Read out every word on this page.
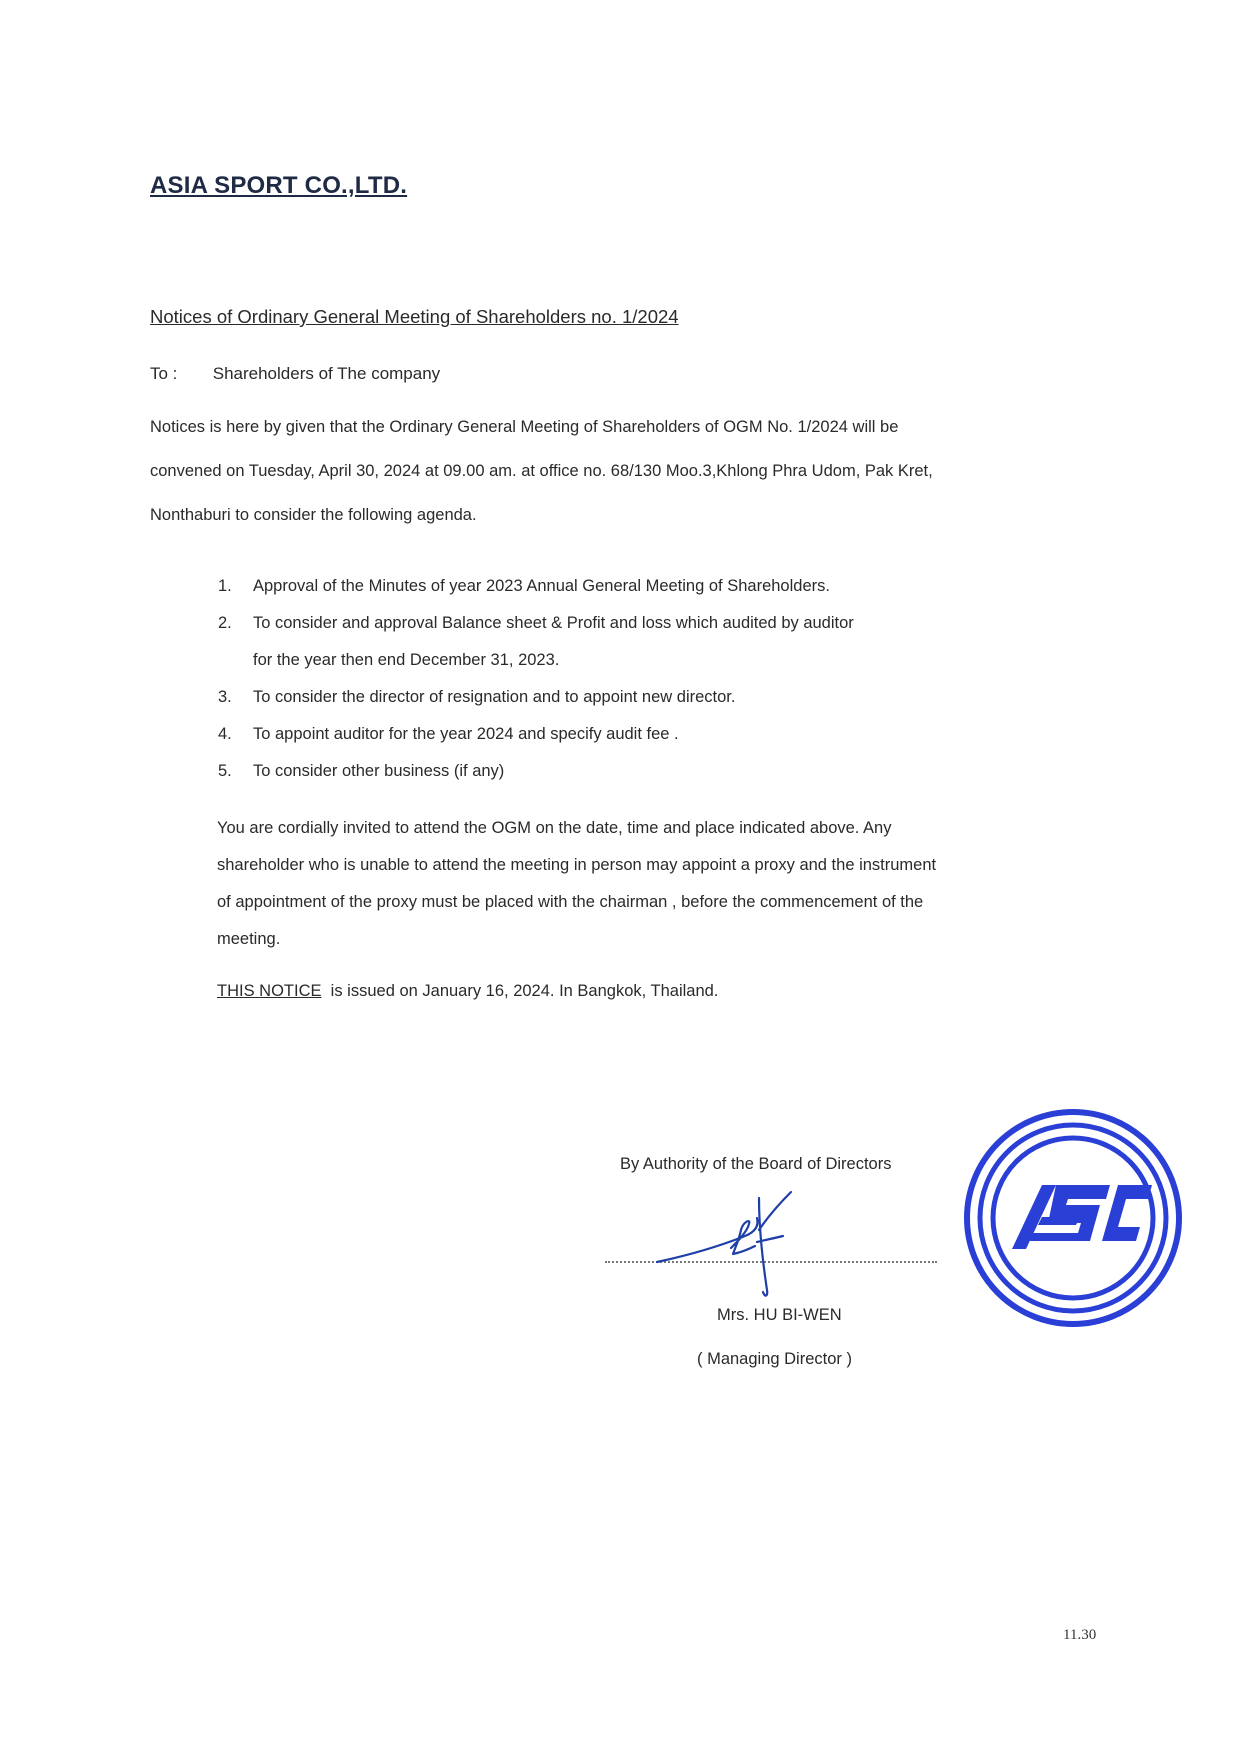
ASIA SPORT CO.,LTD.
Notices of Ordinary General Meeting of Shareholders no. 1/2024
To : Shareholders of The company
Notices is here by given that the Ordinary General Meeting of Shareholders of OGM No. 1/2024 will be
convened on Tuesday, April 30, 2024 at 09.00 am. at office no. 68/130 Moo.3,Khlong Phra Udom, Pak Kret,
Nonthaburi to consider the following agenda.
1. Approval of the Minutes of year 2023 Annual General Meeting of Shareholders.
2. To consider and approval Balance sheet & Profit and loss which audited by auditor
for the year then end December 31, 2023.
3. To consider the director of resignation and to appoint new director.
4. To appoint auditor for the year 2024 and specify audit fee .
5. To consider other business (if any)
You are cordially invited to attend the OGM on the date, time and place indicated above. Any
shareholder who is unable to attend the meeting in person may appoint a proxy and the instrument
of appointment of the proxy must be placed with the chairman , before the commencement of the
meeting.
THIS NOTICE  is issued on January 16, 2024. In Bangkok, Thailand.
By Authority of the Board of Directors
Mrs. HU BI-WEN
( Managing Director )
11.30
